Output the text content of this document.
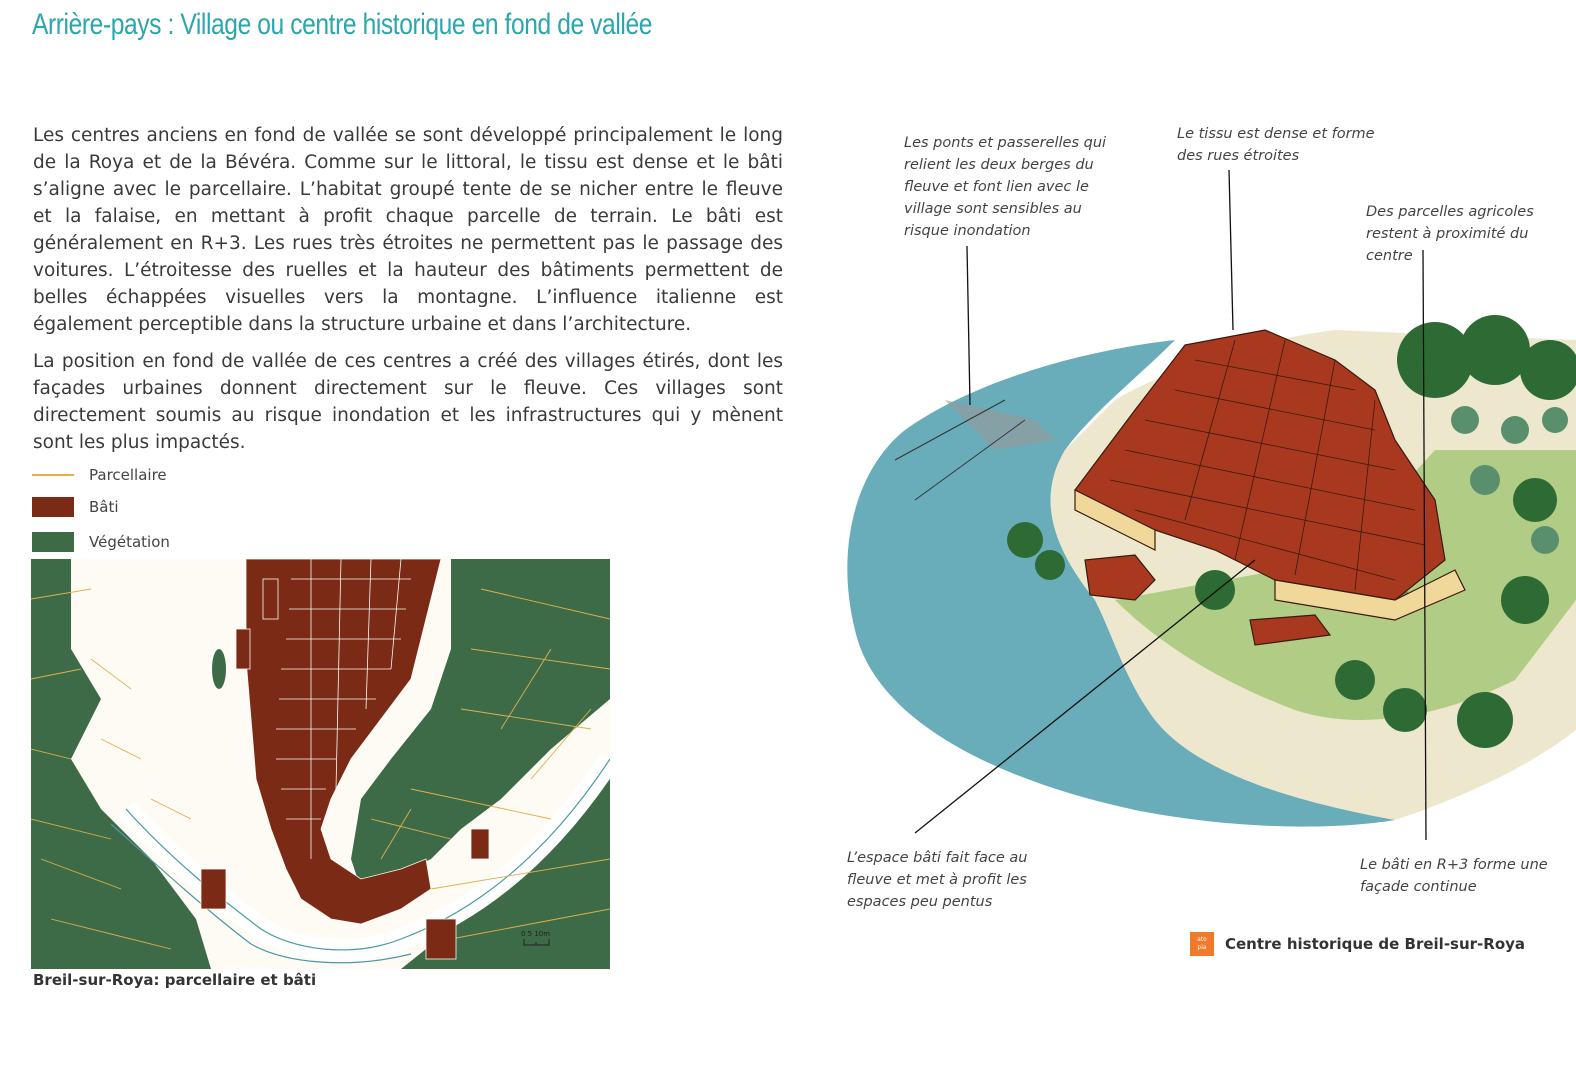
Arrière-pays : Village ou centre historique en fond de vallée

Les centres anciens en fond de vallée se sont développé principalement le long de la Roya et de la Bévéra. Comme sur le littoral, le tissu est dense et le bâti s’aligne avec le parcellaire. L’habitat groupé tente de se nicher entre le fleuve et la falaise, en mettant à profit chaque parcelle de terrain. Le bâti est généralement en R+3. Les rues très étroites ne permettent pas le passage des voitures. L’étroitesse des ruelles et la hauteur des bâtiments permettent de belles échappées visuelles vers la montagne. L’influence italienne est également perceptible dans la structure urbaine et dans l’architecture.

La position en fond de vallée de ces centres a créé des villages étirés, dont les façades urbaines donnent directement sur le fleuve. Ces villages sont directement soumis au risque inondation et les infrastructures qui y mènent sont les plus impactés.

Parcellaire
Bâti
Végétation
0 5 10m
Breil-sur-Roya: parcellaire et bâti
Les ponts et passerelles qui relient les deux berges du fleuve et font lien avec le village sont sensibles au risque inondation
Le tissu est dense et forme des rues étroites
Des parcelles agricoles restent à proximité du centre
L’espace bâti fait face au fleuve et met à profit les espaces peu pentus
Le bâti en R+3 forme une façade continue
ato
pia	Centre historique de Breil-sur-Roya
